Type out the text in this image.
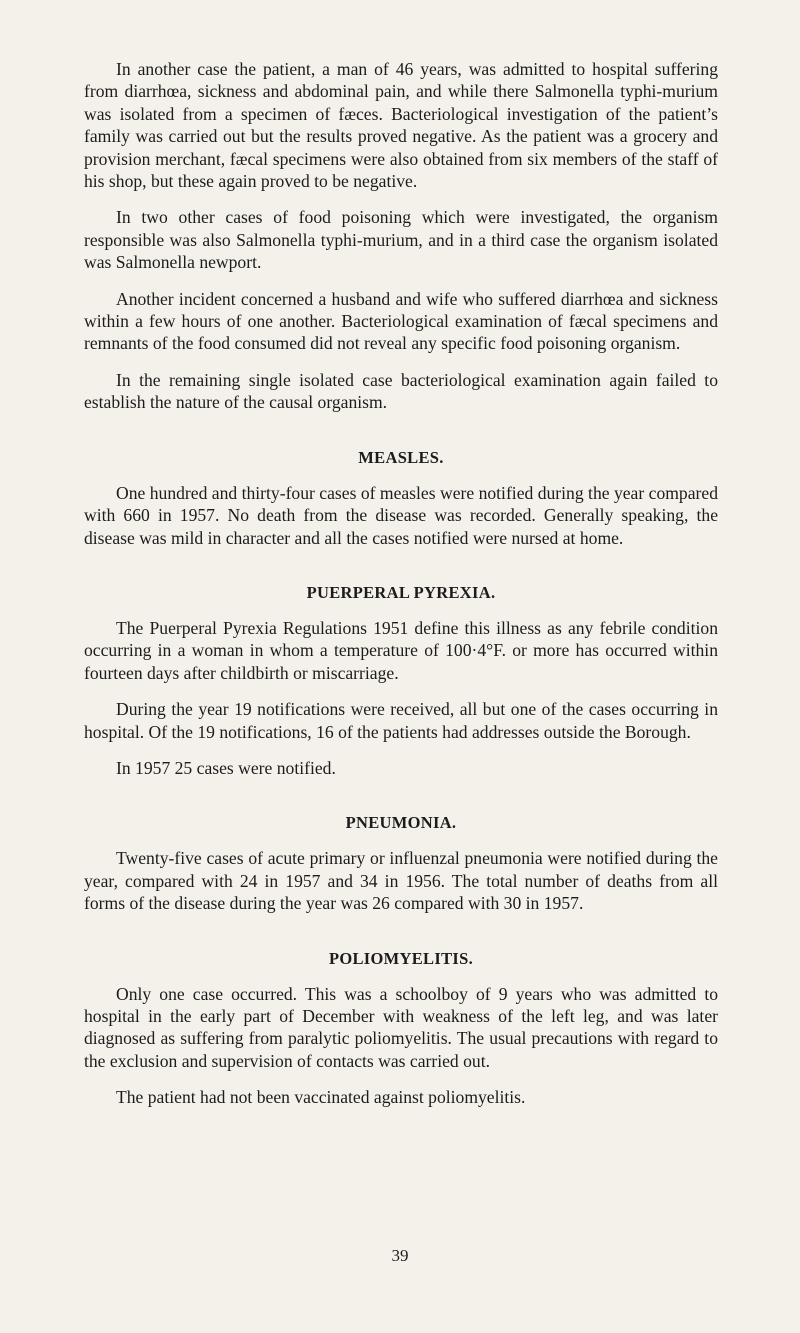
In another case the patient, a man of 46 years, was admitted to hospital suffering from diarrhœa, sickness and abdominal pain, and while there Salmonella typhi-murium was isolated from a specimen of fæces. Bacteriological investigation of the patient’s family was carried out but the results proved negative. As the patient was a grocery and provision merchant, fæcal specimens were also obtained from six members of the staff of his shop, but these again proved to be negative.

In two other cases of food poisoning which were investigated, the organism responsible was also Salmonella typhi-murium, and in a third case the organism isolated was Salmonella newport.

Another incident concerned a husband and wife who suffered diarrhœa and sickness within a few hours of one another. Bacteriological examination of fæcal specimens and remnants of the food consumed did not reveal any specific food poisoning organism.

In the remaining single isolated case bacteriological examination again failed to establish the nature of the causal organism.

MEASLES.

One hundred and thirty-four cases of measles were notified during the year compared with 660 in 1957. No death from the disease was recorded. Generally speaking, the disease was mild in character and all the cases notified were nursed at home.

PUERPERAL PYREXIA.

The Puerperal Pyrexia Regulations 1951 define this illness as any febrile condition occurring in a woman in whom a temperature of 100·4°F. or more has occurred within fourteen days after childbirth or miscarriage.

During the year 19 notifications were received, all but one of the cases occurring in hospital. Of the 19 notifications, 16 of the patients had addresses outside the Borough.

In 1957 25 cases were notified.

PNEUMONIA.

Twenty-five cases of acute primary or influenzal pneumonia were notified during the year, compared with 24 in 1957 and 34 in 1956. The total number of deaths from all forms of the disease during the year was 26 compared with 30 in 1957.

POLIOMYELITIS.

Only one case occurred. This was a schoolboy of 9 years who was admitted to hospital in the early part of December with weakness of the left leg, and was later diagnosed as suffering from paralytic poliomyelitis. The usual precautions with regard to the exclusion and supervision of contacts was carried out.

The patient had not been vaccinated against poliomyelitis.

39
